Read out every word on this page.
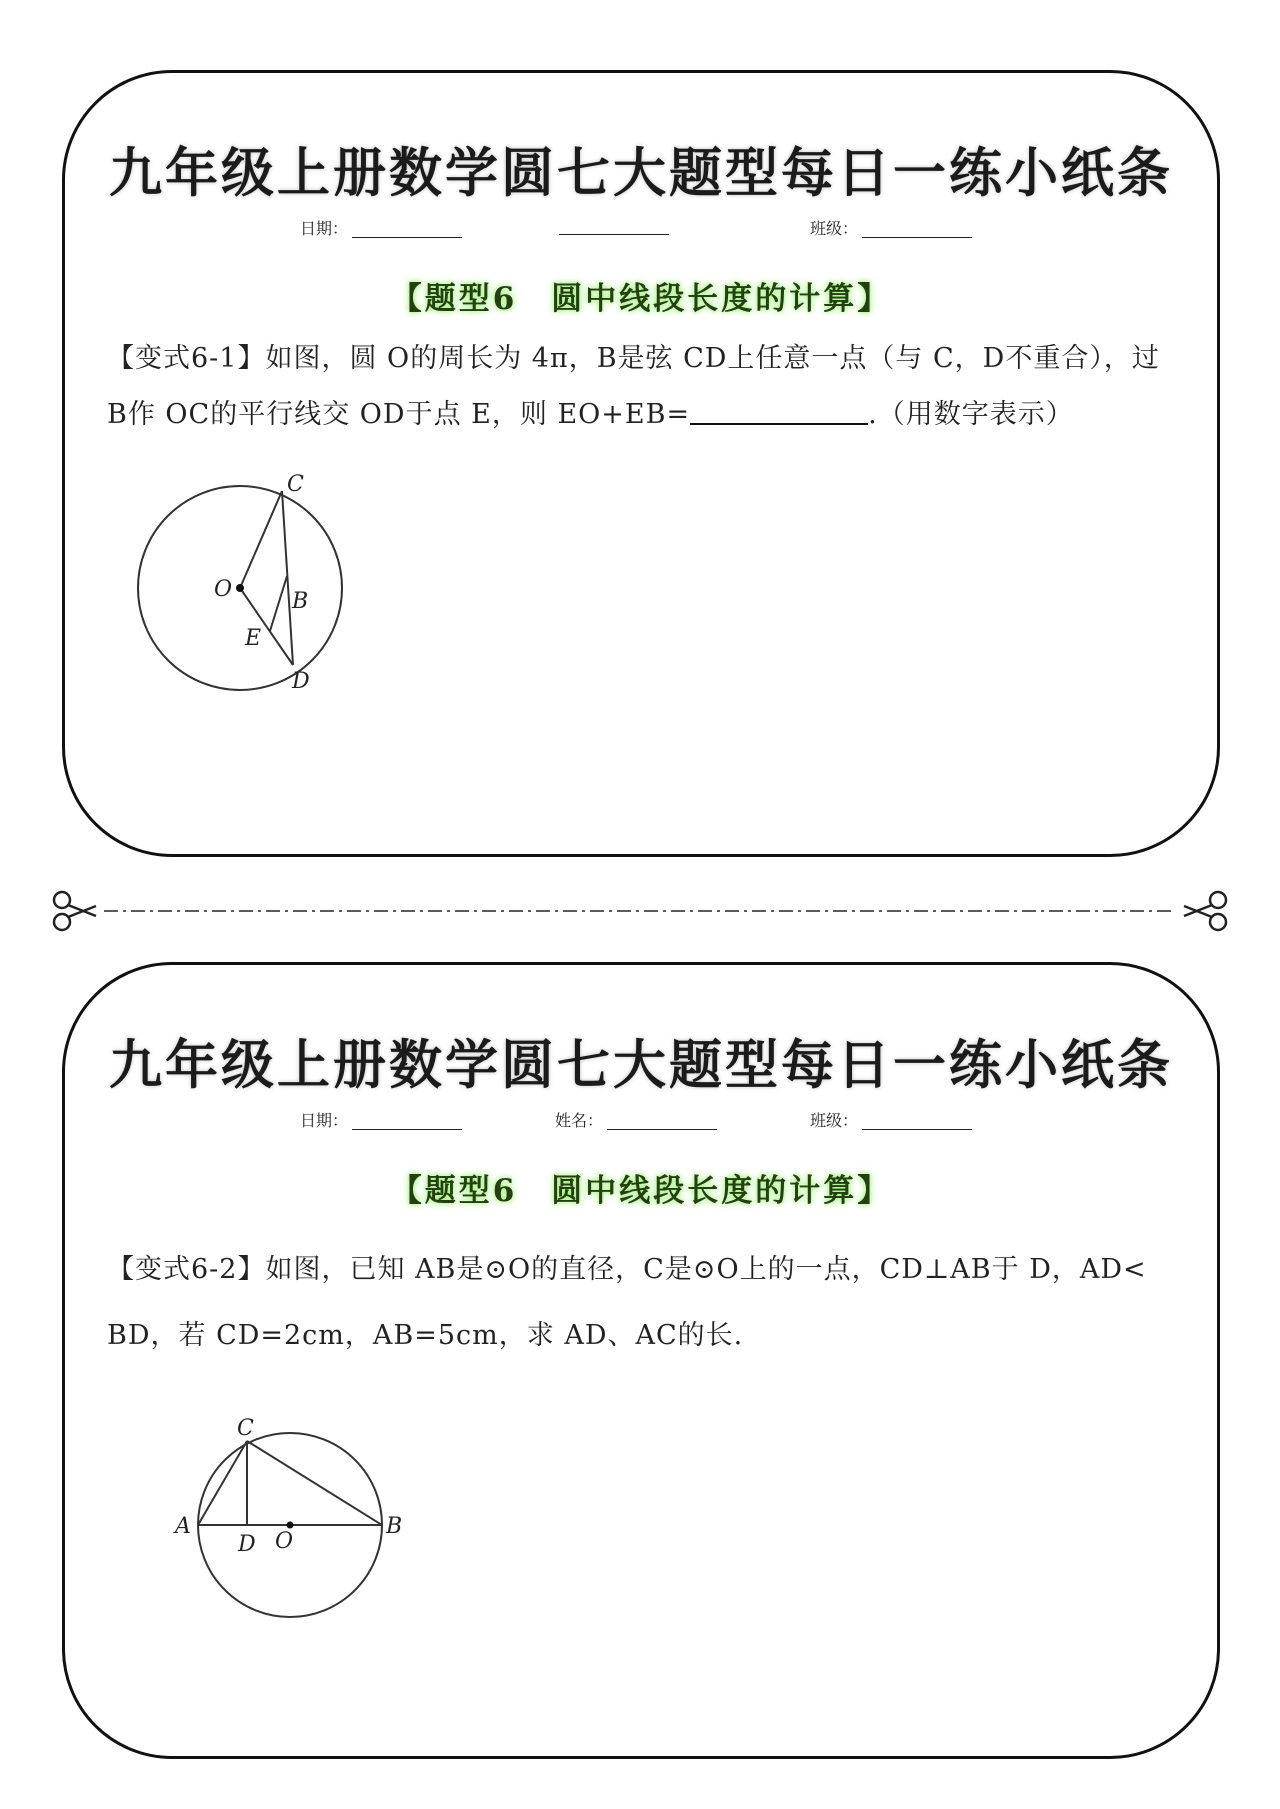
九年级上册数学圆七大题型每日一练小纸条
日期：	班级：
【题型6　圆中线段长度的计算】
【变式6-1】如图，圆 O的周长为 4π，B是弦 CD上任意一点（与 C，D不重合），过 B作 OC的平行线交 OD于点 E，则 EO+EB=	.（用数字表示）
C
O	B
E
D
九年级上册数学圆七大题型每日一练小纸条
日期：	姓名：	班级：
【题型6　圆中线段长度的计算】
【变式6-2】如图，已知 AB是⊙O的直径，C是⊙O上的一点，CD⊥AB于 D，AD< BD，若 CD=2cm，AB=5cm，求 AD、AC的长.
C
A
D O
B
